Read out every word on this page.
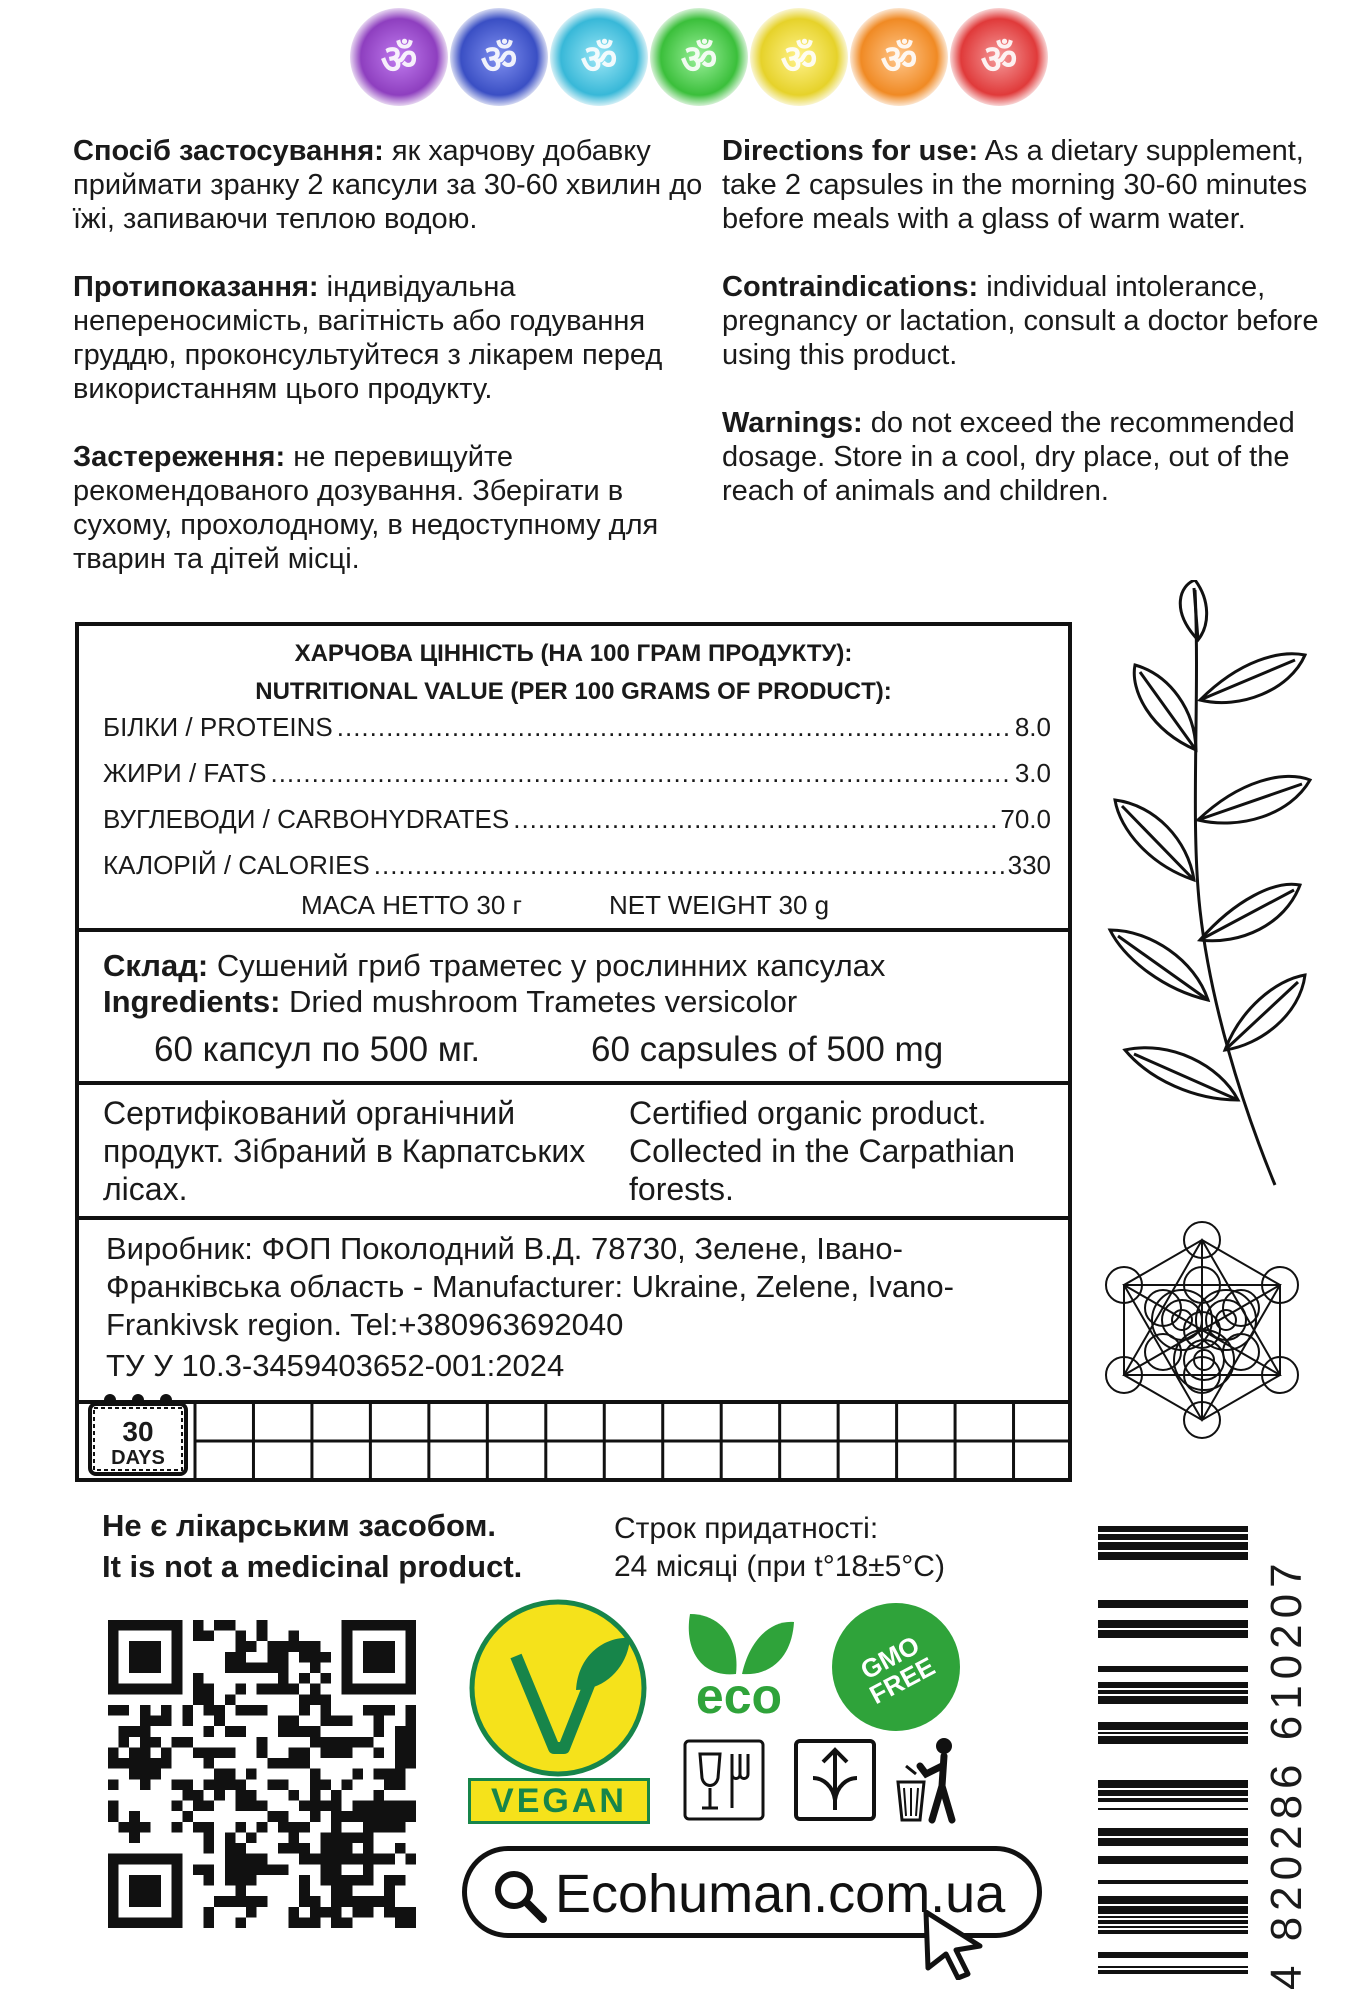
ॐ ॐ ॐ ॐ ॐ ॐ ॐ

Спосіб застосування: як харчову добавку приймати зранку 2 капсули за 30-60 хвилин до їжі, запиваючи теплою водою.

Протипоказання: індивідуальна непереносимість, вагітність або годування груддю, проконсультуйтеся з лікарем перед використанням цього продукту.

Застереження: не перевищуйте рекомендованого дозування. Зберігати в сухому, прохолодному, в недоступному для тварин та дітей місці.

Directions for use: As a dietary supplement, take 2 capsules in the morning 30-60 minutes before meals with a glass of warm water.

Contraindications: individual intolerance, pregnancy or lactation, consult a doctor before using this product.

Warnings: do not exceed the recommended dosage. Store in a cool, dry place, out of the reach of animals and children.

ХАРЧОВА ЦІННІСТЬ (НА 100 ГРАМ ПРОДУКТУ):
NUTRITIONAL VALUE (PER 100 GRAMS OF PRODUCT):
БІЛКИ / PROTEINS .....	8.0
ЖИРИ / FATS .....	3.0
ВУГЛЕВОДИ / CARBOHYDRATES .....	70.0
КАЛОРІЙ / CALORIES .....	330
МАСА НЕТТО 30 г	NET WEIGHT 30 g
Склад: Сушений гриб траметес у рослинних капсулах
Ingredients: Dried mushroom Trametes versicolor
60 капсул по 500 мг.	60 capsules of 500 mg
Сертифікований органічний продукт. Зібраний в Карпатських лісах.
Certified organic product. Collected in the Carpathian forests.
Виробник: ФОП Поколодний В.Д. 78730, Зелене, Івано-Франківська область - Manufacturer: Ukraine, Zelene, Ivano-Frankivsk region. Tel:+380963692040
ТУ У 10.3-3459403652-001:2024
30
DAYS
Не є лікарським засобом.
It is not a medicinal product.
Строк придатності:
24 місяці (при t°18±5°C)
VEGAN
eco
GMO FREE
Ecohuman.com.ua	4 820286 610207
